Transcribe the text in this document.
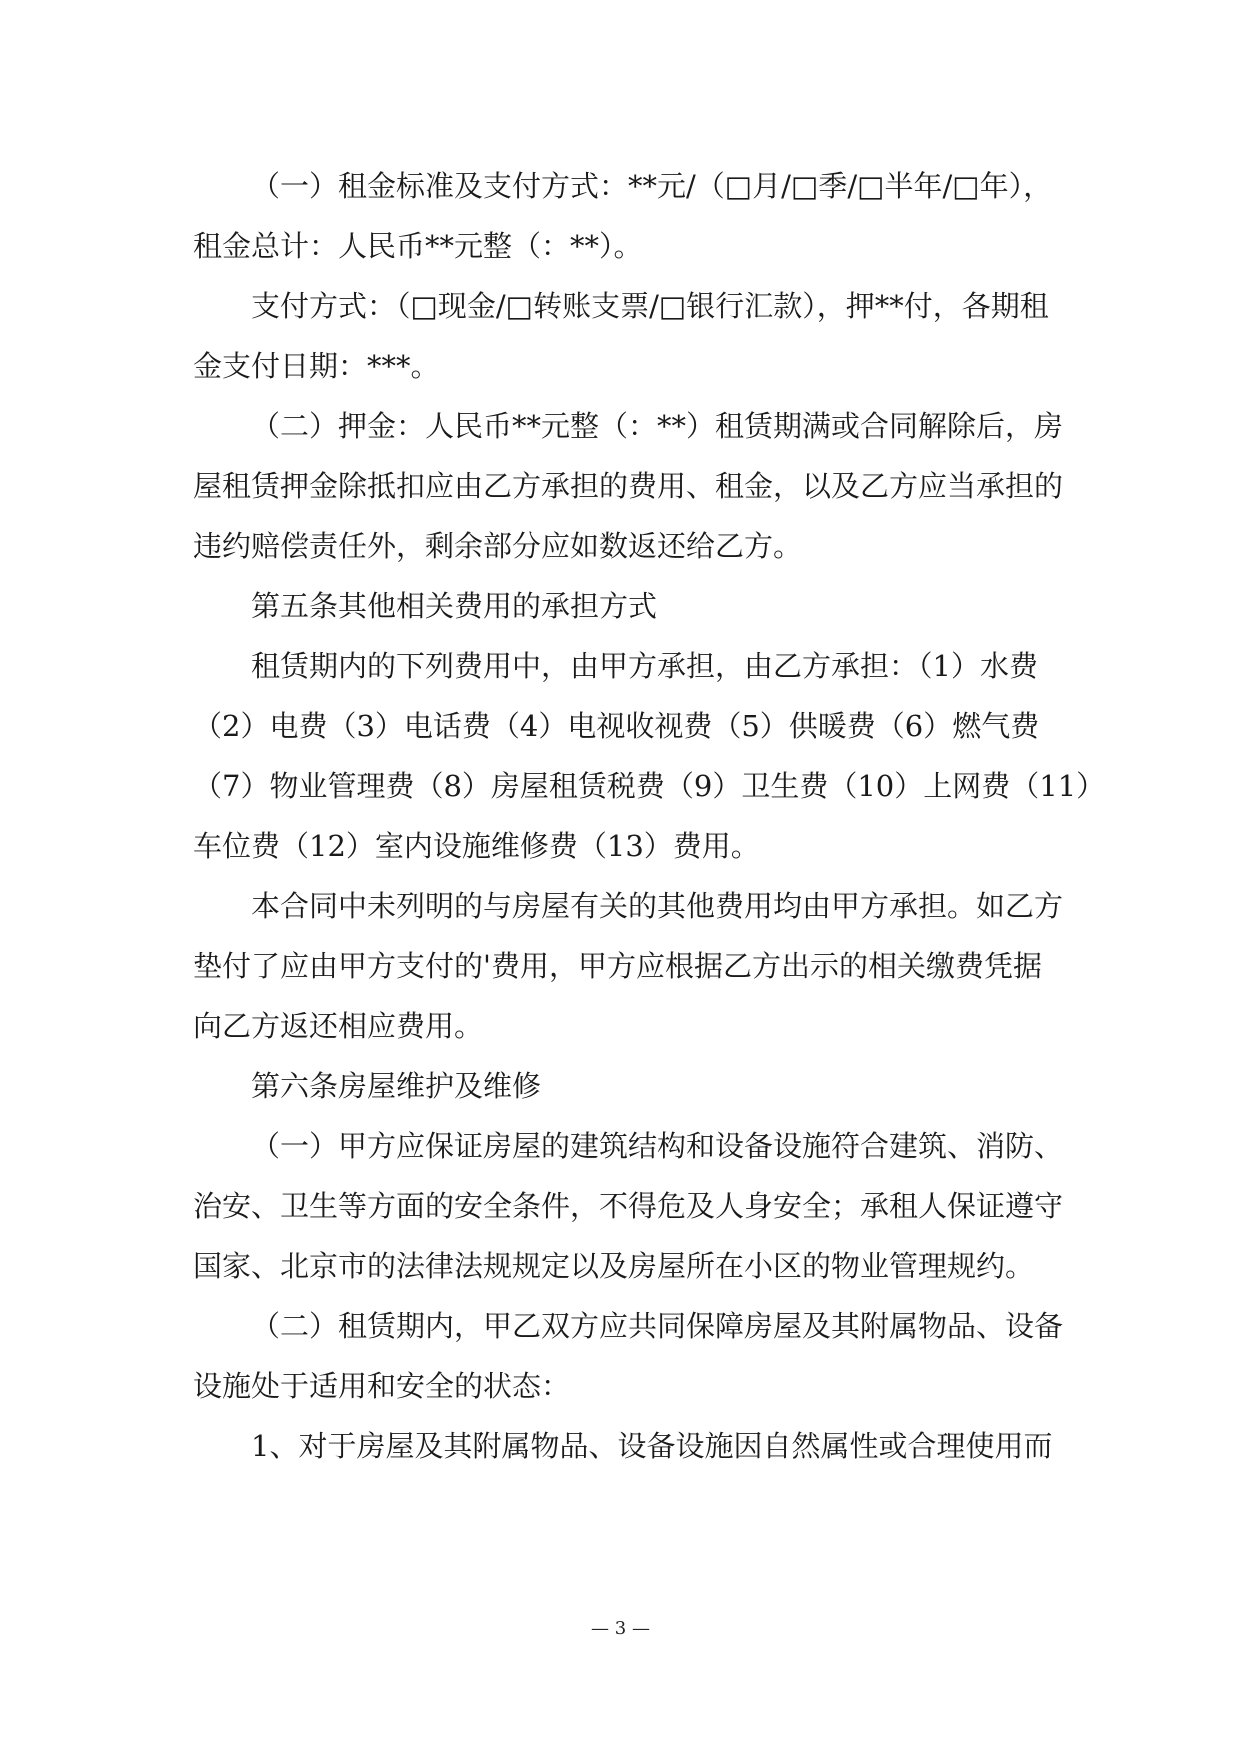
（一）租金标准及支付方式：**元/（□月/□季/□半年/□年），
租金总计：人民币**元整（：**）。
支付方式：（□现金/□转账支票/□银行汇款），押**付，各期租
金支付日期：***。
（二）押金：人民币**元整（：**）租赁期满或合同解除后，房
屋租赁押金除抵扣应由乙方承担的费用、租金，以及乙方应当承担的
违约赔偿责任外，剩余部分应如数返还给乙方。
第五条其他相关费用的承担方式
租赁期内的下列费用中，由甲方承担，由乙方承担：（1）水费
（2）电费（3）电话费（4）电视收视费（5）供暖费（6）燃气费
（7）物业管理费（8）房屋租赁税费（9）卫生费（10）上网费（11）
车位费（12）室内设施维修费（13）费用。
本合同中未列明的与房屋有关的其他费用均由甲方承担。如乙方
垫付了应由甲方支付的'费用，甲方应根据乙方出示的相关缴费凭据
向乙方返还相应费用。
第六条房屋维护及维修
（一）甲方应保证房屋的建筑结构和设备设施符合建筑、消防、
治安、卫生等方面的安全条件，不得危及人身安全；承租人保证遵守
国家、北京市的法律法规规定以及房屋所在小区的物业管理规约。
（二）租赁期内，甲乙双方应共同保障房屋及其附属物品、设备
设施处于适用和安全的状态：
1、对于房屋及其附属物品、设备设施因自然属性或合理使用而
— 3 —
